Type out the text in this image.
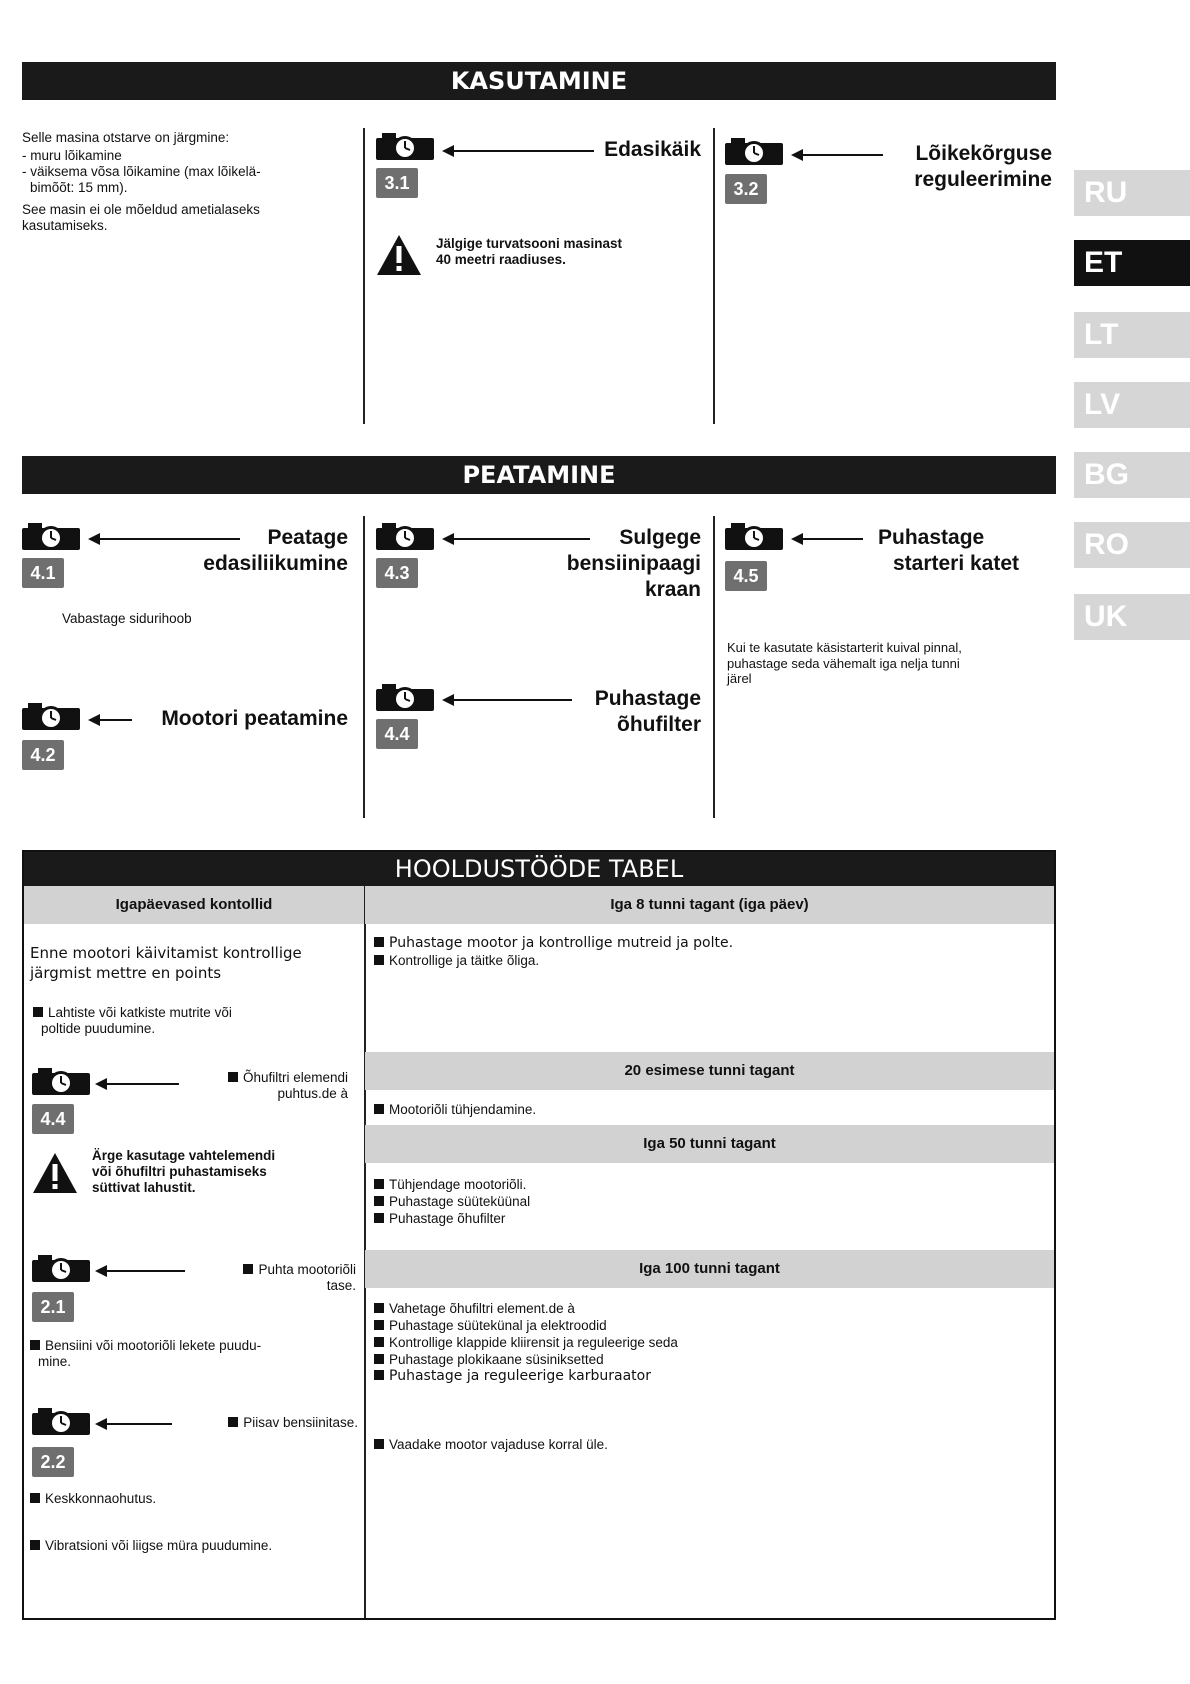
KASUTAMINE
Selle masina otstarve on järgmine:
- muru lõikamine
- väiksema võsa lõikamine (max lõikelä-
bimõõt: 15 mm).
See masin ei ole mõeldud ametialaseks
kasutamiseks.
Edasikäik
3.1
Jälgige turvatsooni masinast
40 meetri raadiuses.
Lõikekõrguse
reguleerimine
3.2	RU
ET
LT
LV
BG
RO
UK
PEATAMINE
Peatage
edasiliikumine
4.1
Vabastage sidurihoob
Mootori peatamine
4.2
Sulgege
bensiinipaagi
kraan
4.3
Puhastage
õhufilter
4.4
Puhastage
starteri katet
4.5
Kui te kasutate käsistarterit kuival pinnal,
puhastage seda vähemalt iga nelja tunni
järel
HOOLDUSTÖÖDE TABEL
Igapäevased kontollid
Enne mootori käivitamist kontrollige
järgmist mettre en points
Lahtiste või katkiste mutrite või
poltide puudumine.
Õhufiltri elemendi
puhtus.de à
4.4
Ärge kasutage vahtelemendi
või õhufiltri puhastamiseks
süttivat lahustit.
Puhta mootoriõli
tase.
2.1
Bensiini või mootoriõli lekete puudu-
mine.
Piisav bensiinitase.
2.2
Keskkonnaohutus.
Vibratsioni või liigse müra puudumine.
Iga 8 tunni tagant (iga päev)
Puhastage mootor ja kontrollige mutreid ja polte.
Kontrollige ja täitke õliga.
20 esimese tunni tagant
Mootoriõli tühjendamine.
Iga 50 tunni tagant
Tühjendage mootoriõli.
Puhastage süüteküünal
Puhastage õhufilter
Iga 100 tunni tagant
Vahetage õhufiltri element.de à
Puhastage süütekünal ja elektroodid
Kontrollige klappide kliirensit ja reguleerige seda
Puhastage plokikaane süsiniksetted
Puhastage ja reguleerige karburaator
Vaadake mootor vajaduse korral üle.
